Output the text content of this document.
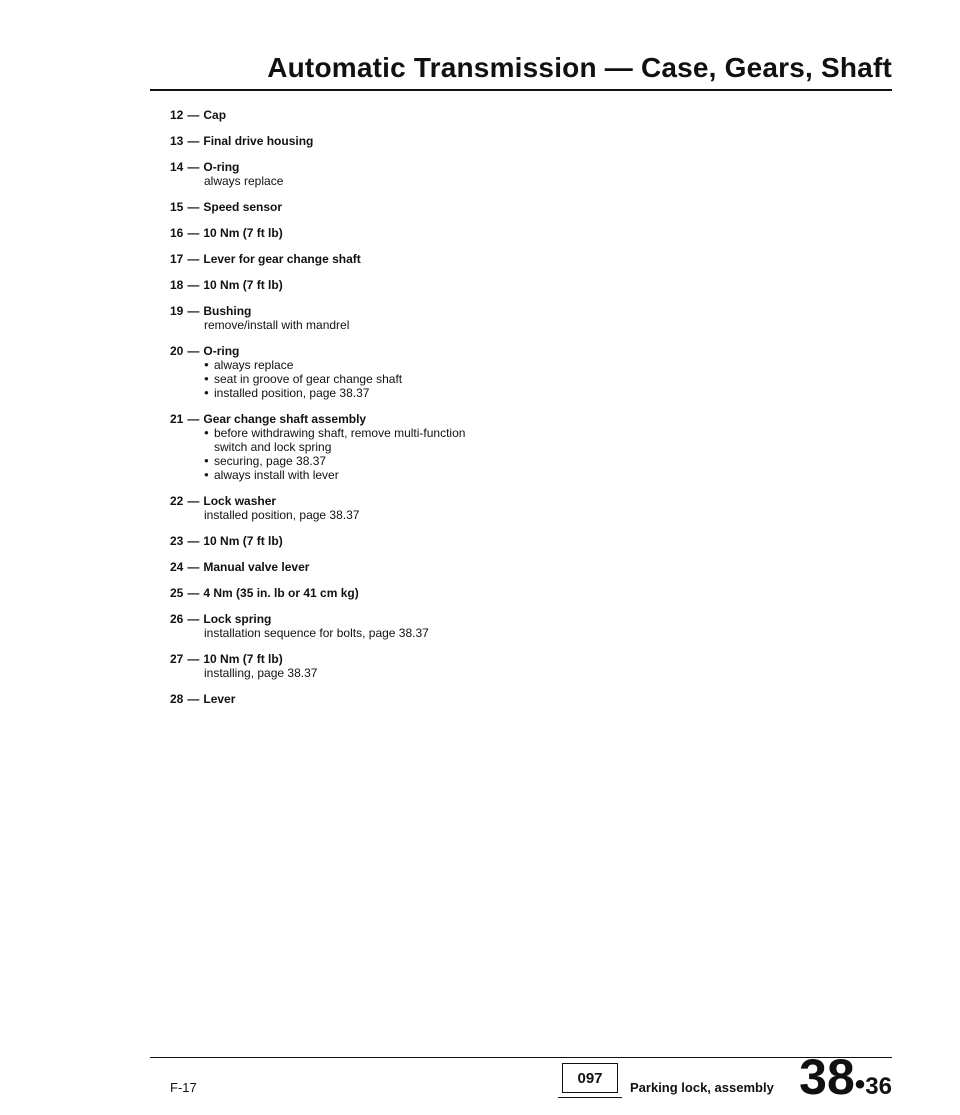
Automatic Transmission — Case, Gears, Shaft
12 — Cap
13 — Final drive housing
14 — O-ring
always replace
15 — Speed sensor
16 — 10 Nm (7 ft lb)
17 — Lever for gear change shaft
18 — 10 Nm (7 ft lb)
19 — Bushing
remove/install with mandrel
20 — O-ring
● always replace
● seat in groove of gear change shaft
● installed position, page 38.37
21 — Gear change shaft assembly
● before withdrawing shaft, remove multi-function
switch and lock spring
● securing, page 38.37
● always install with lever
22 — Lock washer
installed position, page 38.37
23 — 10 Nm (7 ft lb)
24 — Manual valve lever
25 — 4 Nm (35 in. lb or 41 cm kg)
26 — Lock spring
installation sequence for bolts, page 38.37
27 — 10 Nm (7 ft lb)
installing, page 38.37
28 — Lever
F-17
097
Parking lock, assembly 38•36
